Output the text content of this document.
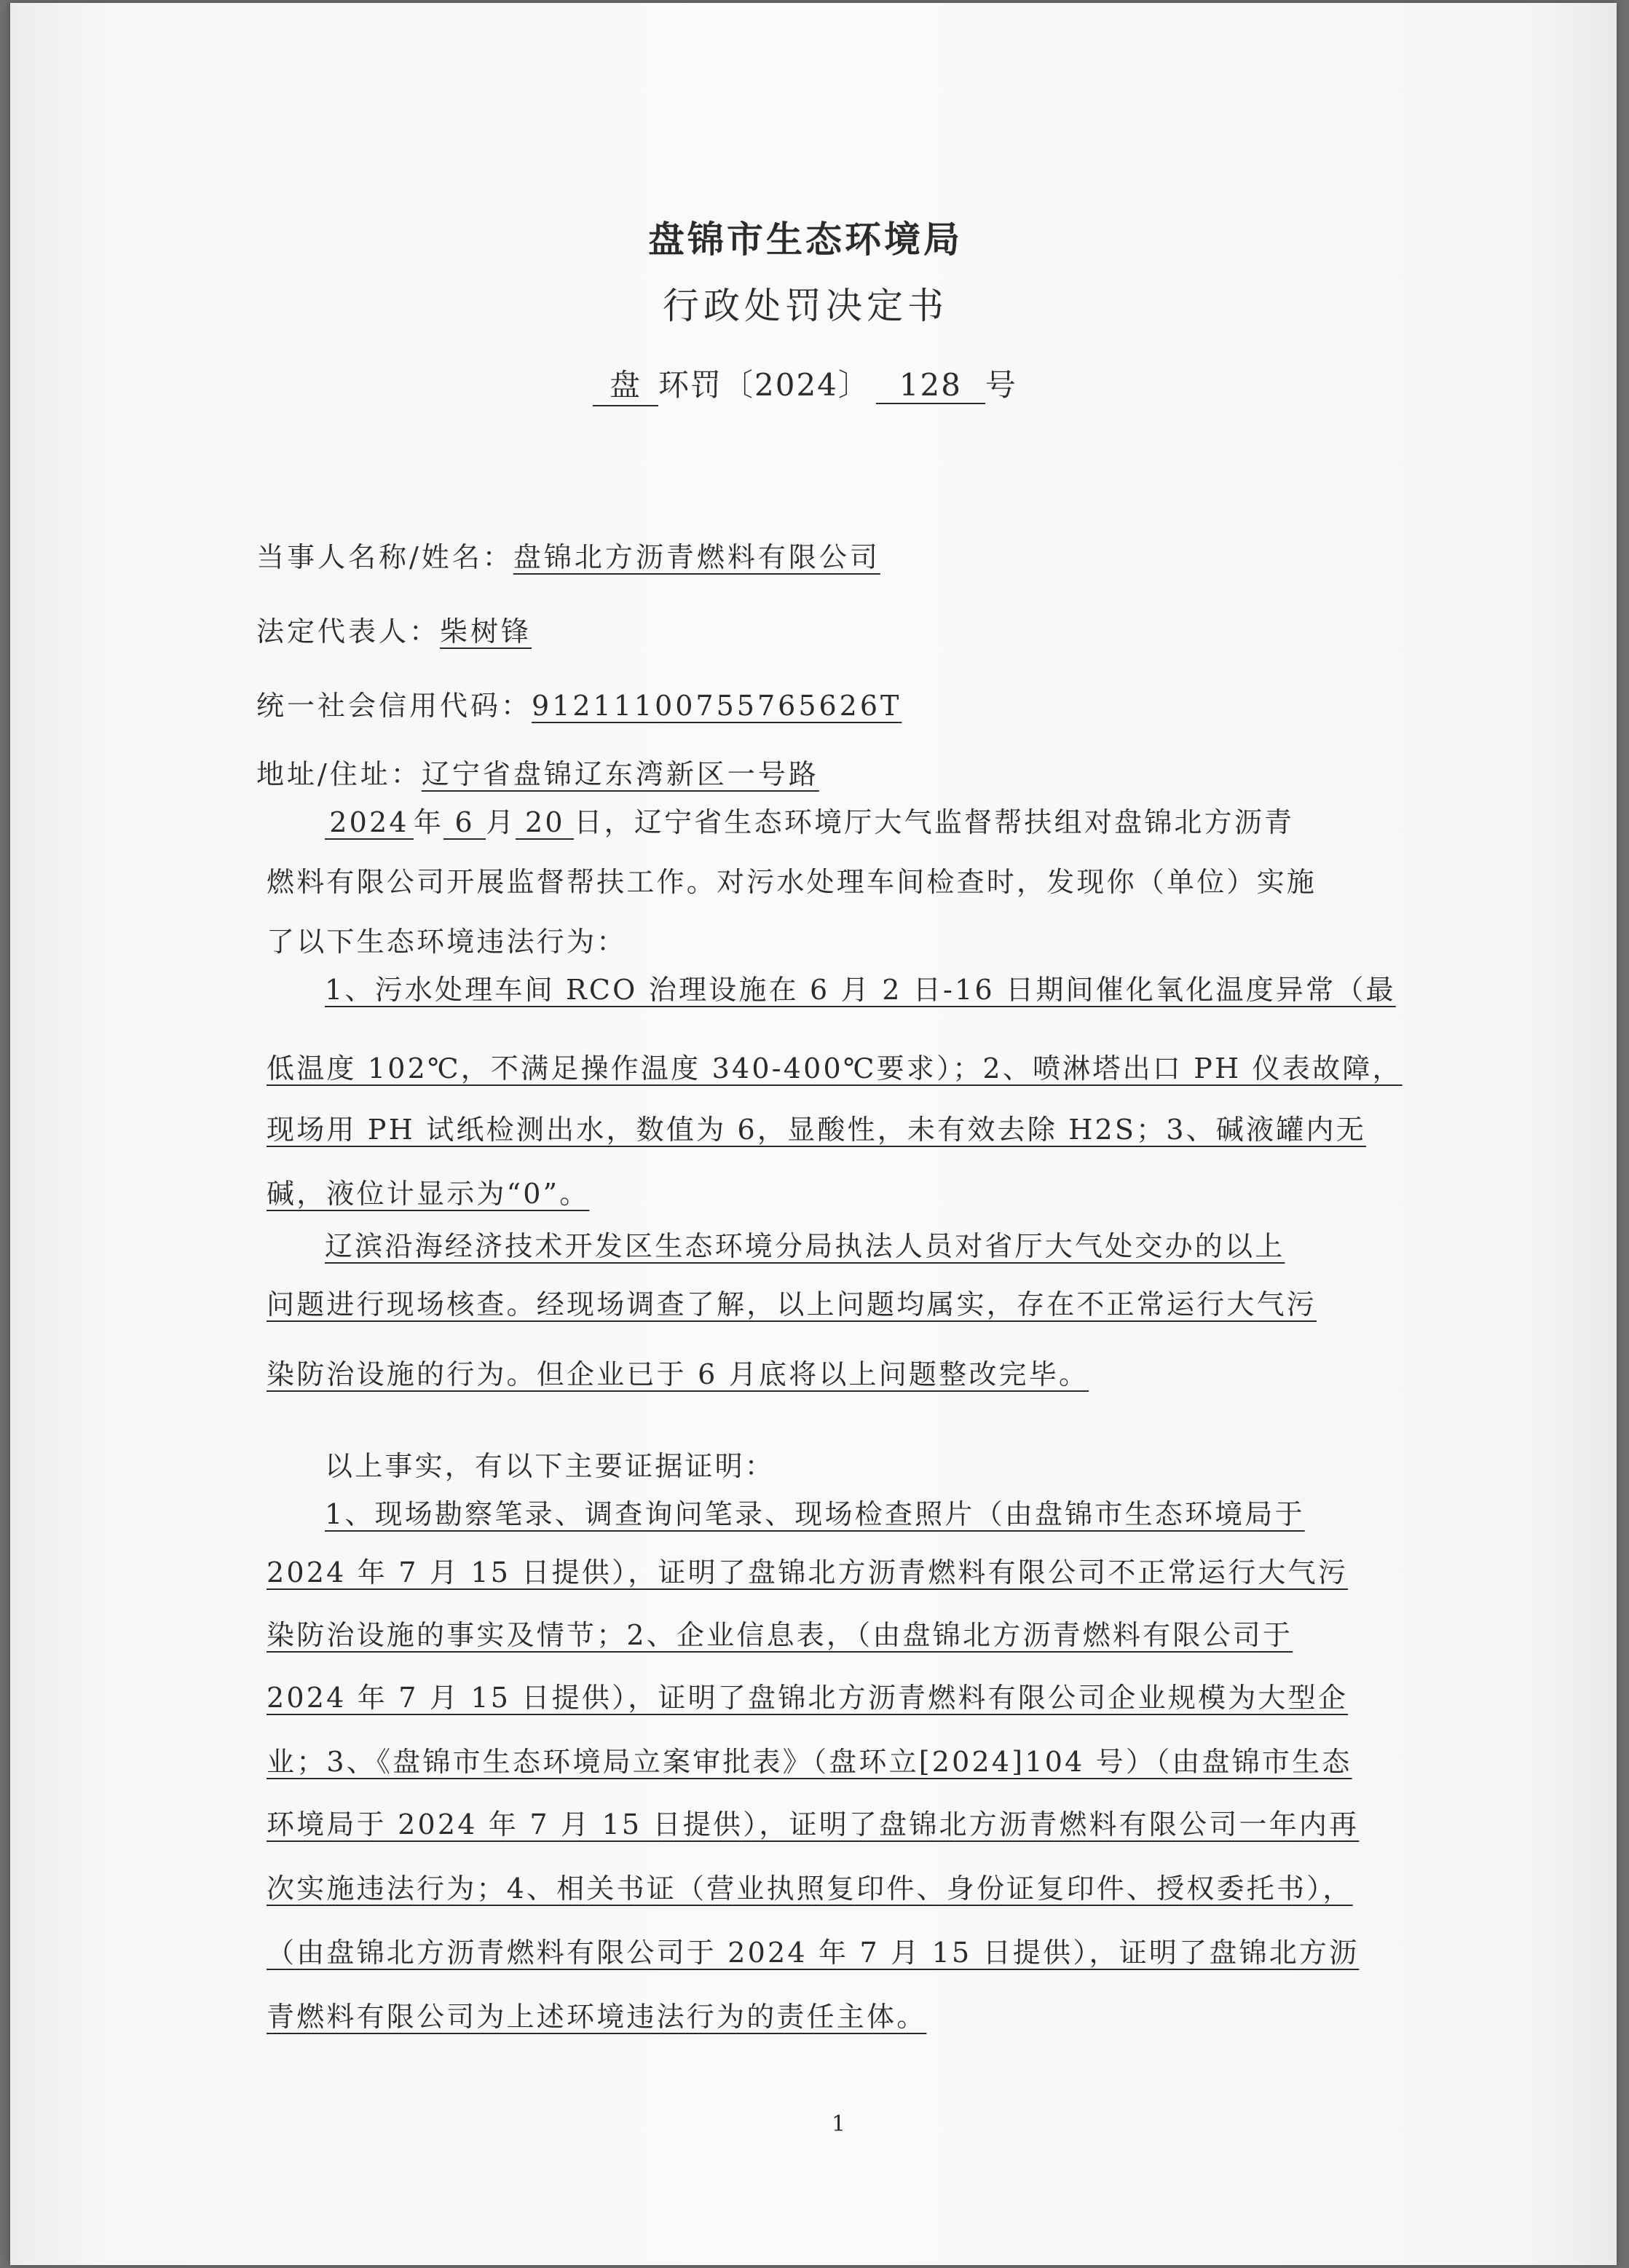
盘锦市生态环境局
行政处罚决定书
盘 环罚〔2024〕 128 号
当事人名称/姓名：盘锦北方沥青燃料有限公司
法定代表人：柴树锋
统一社会信用代码：91211100755765626T
地址/住址：辽宁省盘锦辽东湾新区一号路
2024 年 6 月 20 日，辽宁省生态环境厅大气监督帮扶组对盘锦北方沥青
燃料有限公司开展监督帮扶工作。对污水处理车间检查时，发现你（单位）实施
了以下生态环境违法行为：
1、污水处理车间 RCO 治理设施在 6 月 2 日-16 日期间催化氧化温度异常（最
低温度 102℃，不满足操作温度 340-400℃要求）；2、喷淋塔出口 PH 仪表故障，
现场用 PH 试纸检测出水，数值为 6，显酸性，未有效去除 H2S；3、碱液罐内无
碱，液位计显示为“0”。
辽滨沿海经济技术开发区生态环境分局执法人员对省厅大气处交办的以上
问题进行现场核查。经现场调查了解，以上问题均属实，存在不正常运行大气污
染防治设施的行为。但企业已于 6 月底将以上问题整改完毕。
以上事实，有以下主要证据证明：
1、现场勘察笔录、调查询问笔录、现场检查照片（由盘锦市生态环境局于
2024 年 7 月 15 日提供），证明了盘锦北方沥青燃料有限公司不正常运行大气污
染防治设施的事实及情节；2、企业信息表，（由盘锦北方沥青燃料有限公司于
2024 年 7 月 15 日提供），证明了盘锦北方沥青燃料有限公司企业规模为大型企
业；3、《盘锦市生态环境局立案审批表》（盘环立[2024]104 号）（由盘锦市生态
环境局于 2024 年 7 月 15 日提供），证明了盘锦北方沥青燃料有限公司一年内再
次实施违法行为；4、相关书证（营业执照复印件、身份证复印件、授权委托书），
（由盘锦北方沥青燃料有限公司于 2024 年 7 月 15 日提供），证明了盘锦北方沥
青燃料有限公司为上述环境违法行为的责任主体。
1
